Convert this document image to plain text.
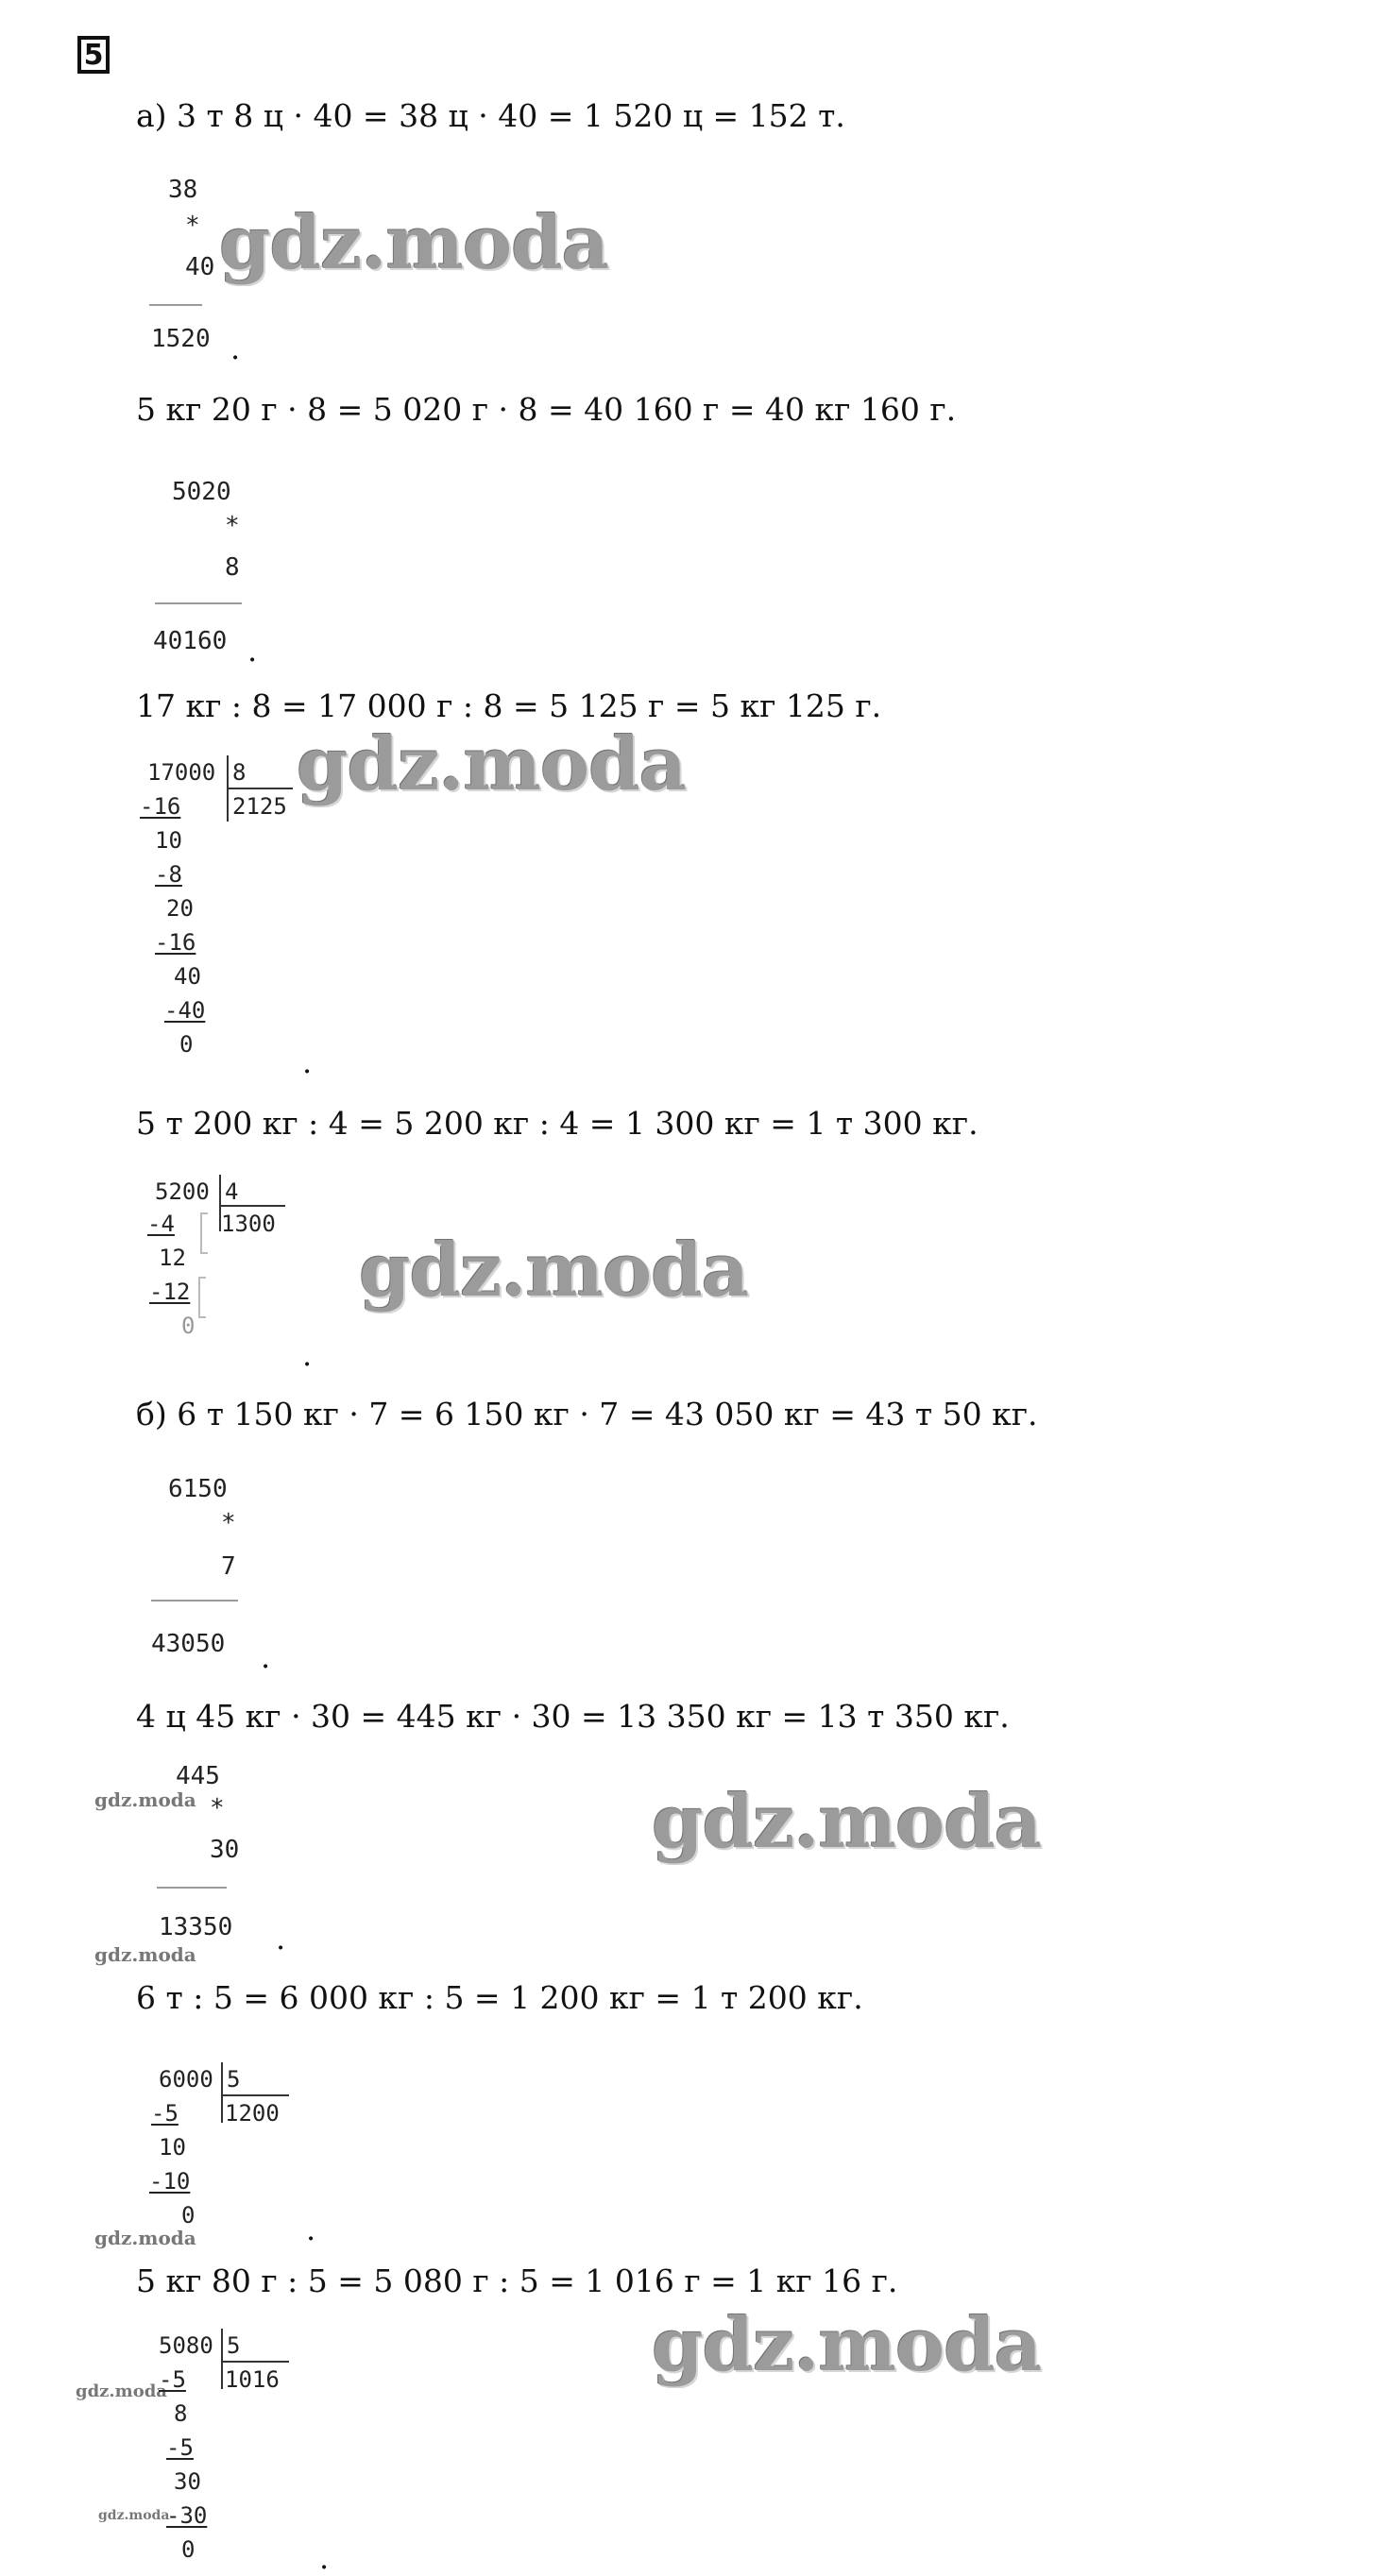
5
а) 3 т 8 ц · 40 = 38 ц · 40 = 1 520 ц = 152 т.
38
*
40
1520 .
gdz.moda
5 кг 20 г · 8 = 5 020 г · 8 = 40 160 г = 40 кг 160 г.
5020
*
8
40160 .
17 кг : 8 = 17 000 г : 8 = 5 125 г = 5 кг 125 г.
17000 8
2125
-16
10
-8
20
-16
40
-40
0	.
gdz.moda
5 т 200 кг : 4 = 5 200 кг : 4 = 1 300 кг = 1 т 300 кг.
5200 4
1300
-4
12
-12
0
.
gdz.moda
б) 6 т 150 кг · 7 = 6 150 кг · 7 = 43 050 кг = 43 т 50 кг.
6150
*
7
43050 .
4 ц 45 кг · 30 = 445 кг · 30 = 13 350 кг = 13 т 350 кг.
445
gdz.moda *
30
13350 .
gdz.moda
gdz.moda
6 т : 5 = 6 000 кг : 5 = 1 200 кг = 1 т 200 кг.
6000 5
1200
-5
10
-10
0
gdz.moda	.
5 кг 80 г : 5 = 5 080 г : 5 = 1 016 г = 1 кг 16 г.
5080 5
1016
gdz.moda
-5
8
-5
30
gdz.moda
-30
0	.
gdz.moda
